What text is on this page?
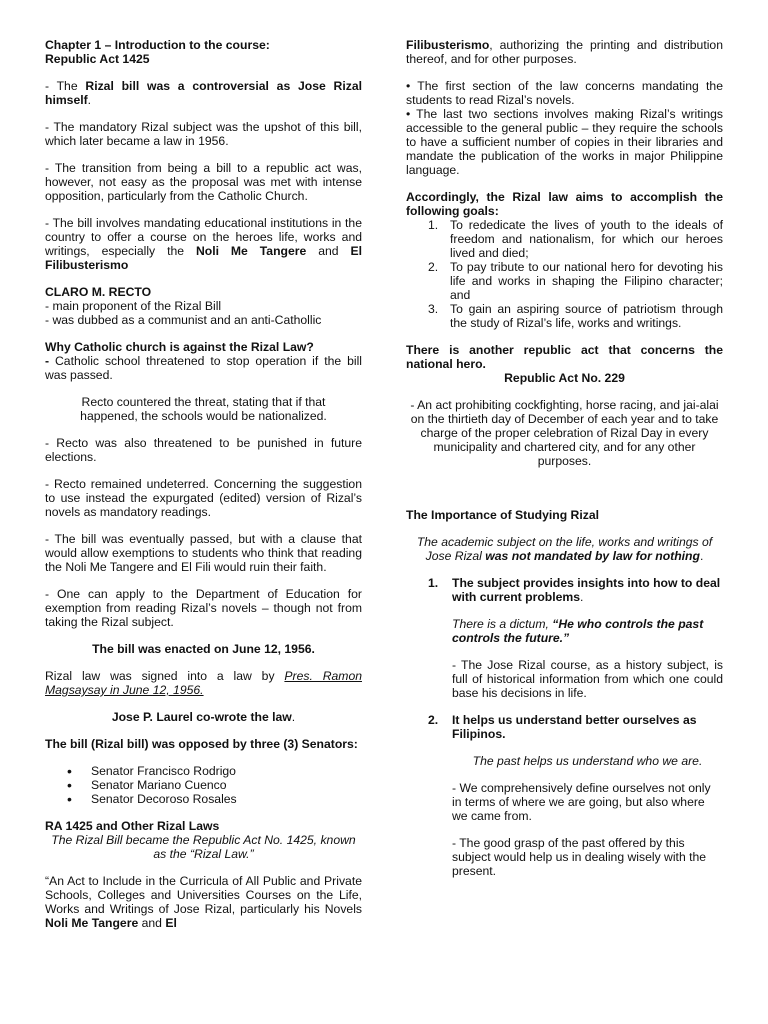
Chapter 1 – Introduction to the course:

Republic Act 1425

- The Rizal bill was a controversial as Jose Rizal himself.

- The mandatory Rizal subject was the upshot of this bill, which later became a law in 1956.

- The transition from being a bill to a republic act was, however, not easy as the proposal was met with intense opposition, particularly from the Catholic Church.

- The bill involves mandating educational institutions in the country to offer a course on the heroes life, works and writings, especially the Noli Me Tangere and El Filibusterismo

CLARO M. RECTO

- main proponent of the Rizal Bill

- was dubbed as a communist and an anti-Cathollic

Why Catholic church is against the Rizal Law?

- Catholic school threatened to stop operation if the bill was passed.

Recto countered the threat, stating that if that happened, the schools would be nationalized.

- Recto was also threatened to be punished in future elections.

- Recto remained undeterred. Concerning the suggestion to use instead the expurgated (edited) version of Rizal’s novels as mandatory readings.

- The bill was eventually passed, but with a clause that would allow exemptions to students who think that reading the Noli Me Tangere and El Fili would ruin their faith.

- One can apply to the Department of Education for exemption from reading Rizal’s novels – though not from taking the Rizal subject.

The bill was enacted on June 12, 1956.

Rizal law was signed into a law by Pres. Ramon Magsaysay in June 12, 1956.

Jose P. Laurel co-wrote the law.

The bill (Rizal bill) was opposed by three (3) Senators:

• Senator Francisco Rodrigo
• Senator Mariano Cuenco
• Senator Decoroso Rosales

RA 1425 and Other Rizal Laws

The Rizal Bill became the Republic Act No. 1425, known as the “Rizal Law.”

“An Act to Include in the Curricula of All Public and Private Schools, Colleges and Universities Courses on the Life, Works and Writings of Jose Rizal, particularly his Novels Noli Me Tangere and El

Filibusterismo, authorizing the printing and distribution thereof, and for other purposes.

• The first section of the law concerns mandating the students to read Rizal’s novels.

• The last two sections involves making Rizal’s writings accessible to the general public – they require the schools to have a sufficient number of copies in their libraries and mandate the publication of the works in major Philippine language.

Accordingly, the Rizal law aims to accomplish the following goals:

1. To rededicate the lives of youth to the ideals of freedom and nationalism, for which our heroes lived and died;
2. To pay tribute to our national hero for devoting his life and works in shaping the Filipino character; and
3. To gain an aspiring source of patriotism through the study of Rizal’s life, works and writings.

There is another republic act that concerns the national hero.

Republic Act No. 229

- An act prohibiting cockfighting, horse racing, and jai-alai on the thirtieth day of December of each year and to take charge of the proper celebration of Rizal Day in every municipality and chartered city, and for any other purposes.

The Importance of Studying Rizal

The academic subject on the life, works and writings of Jose Rizal was not mandated by law for nothing.

1. The subject provides insights into how to deal with current problems.

There is a dictum, “He who controls the past controls the future.”

- The Jose Rizal course, as a history subject, is full of historical information from which one could base his decisions in life.

2. It helps us understand better ourselves as Filipinos.

The past helps us understand who we are.

- We comprehensively define ourselves not only in terms of where we are going, but also where we came from.

- The good grasp of the past offered by this subject would help us in dealing wisely with the present.
